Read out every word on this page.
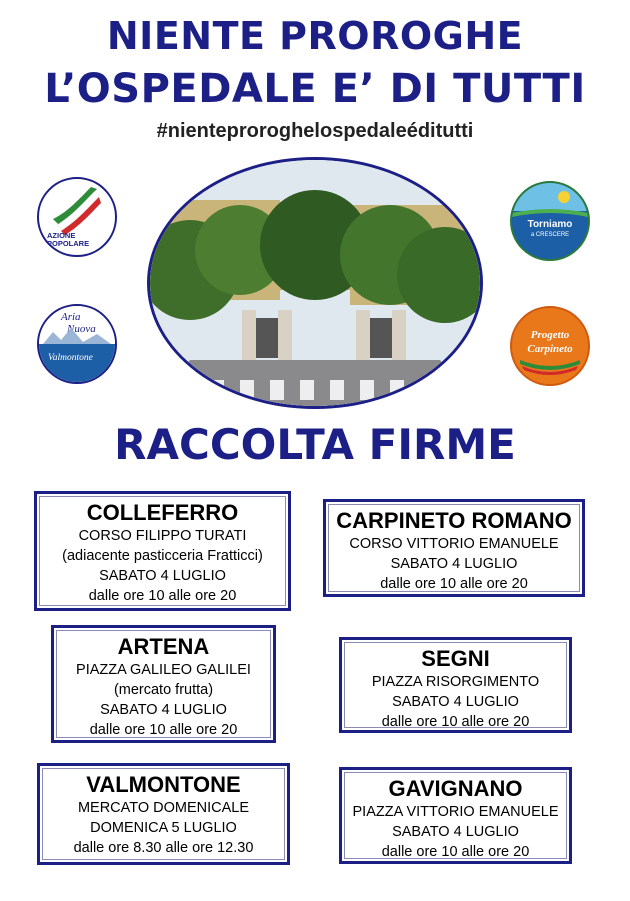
NIENTE PROROGHE
L’OSPEDALE E’ DI TUTTI
#nienteproroghelospedaleéditutti
AZIONE
POPOLARE
Aria
Nuova
Valmontone
Torniamo
a CRESCERE
Progetto
Carpineto
RACCOLTA FIRME
COLLEFERRO
CORSO FILIPPO TURATI
(adiacente pasticceria Fratticci)
SABATO 4 LUGLIO
dalle ore 10 alle ore 20
CARPINETO ROMANO
CORSO VITTORIO EMANUELE
SABATO 4 LUGLIO
dalle ore 10 alle ore 20
ARTENA
PIAZZA GALILEO GALILEI
(mercato frutta)
SABATO 4 LUGLIO
dalle ore 10 alle ore 20
SEGNI
PIAZZA RISORGIMENTO
SABATO 4 LUGLIO
dalle ore 10 alle ore 20
VALMONTONE
MERCATO DOMENICALE
DOMENICA 5 LUGLIO
dalle ore 8.30 alle ore 12.30
GAVIGNANO
PIAZZA VITTORIO EMANUELE
SABATO 4 LUGLIO
dalle ore 10 alle ore 20
